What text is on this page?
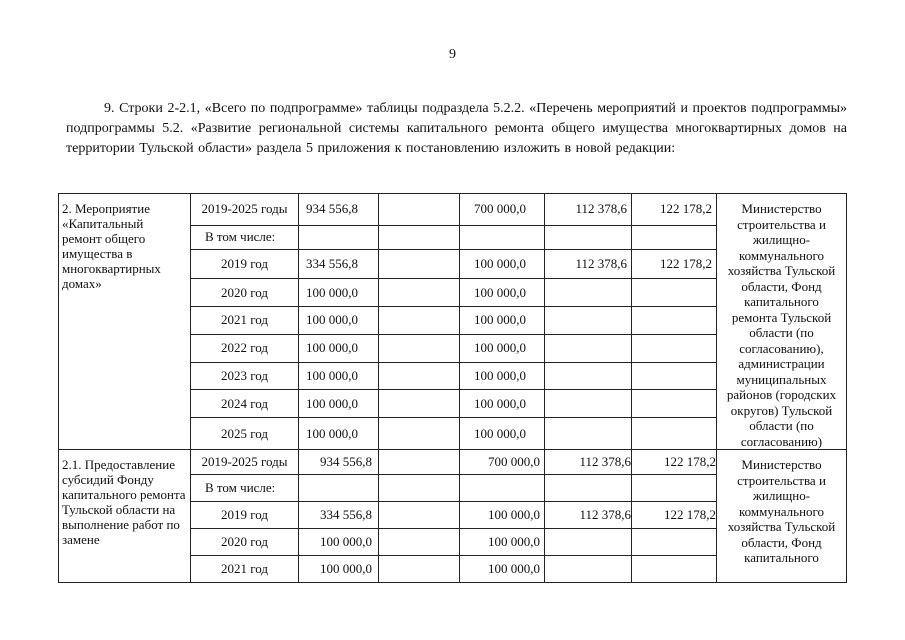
9

9. Строки 2-2.1, «Всего по подпрограмме» таблицы подраздела 5.2.2. «Перечень мероприятий и проектов подпрограммы» подпрограммы 5.2. «Развитие региональной системы капитального ремонта общего имущества многоквартирных домов на территории Тульской области» раздела 5 приложения к постановлению изложить в новой редакции:

2. Мероприятие «Капитальный ремонт общего имущества в многоквартирных домах»	2019-2025 годы	934 556,8		700 000,0	112 378,6	122 178,2	Министерство строительства и жилищно-коммунального хозяйства Тульской области, Фонд капитального ремонта Тульской области (по согласованию), администрации муниципальных районов (городских округов) Тульской области (по согласованию)
	В том числе:						
	2019 год	334 556,8		100 000,0	112 378,6	122 178,2	
	2020 год	100 000,0		100 000,0			
	2021 год	100 000,0		100 000,0			
	2022 год	100 000,0		100 000,0			
	2023 год	100 000,0		100 000,0			
	2024 год	100 000,0		100 000,0			
	2025 год	100 000,0		100 000,0			
2.1. Предоставление субсидий Фонду капитального ремонта Тульской области на выполнение работ по замене	2019-2025 годы	934 556,8		700 000,0	112 378,6	122 178,2	Министерство строительства и жилищно-коммунального хозяйства Тульской области, Фонд капитального
	В том числе:						
	2019 год	334 556,8		100 000,0	112 378,6	122 178,2	
	2020 год	100 000,0		100 000,0			
	2021 год	100 000,0		100 000,0			
